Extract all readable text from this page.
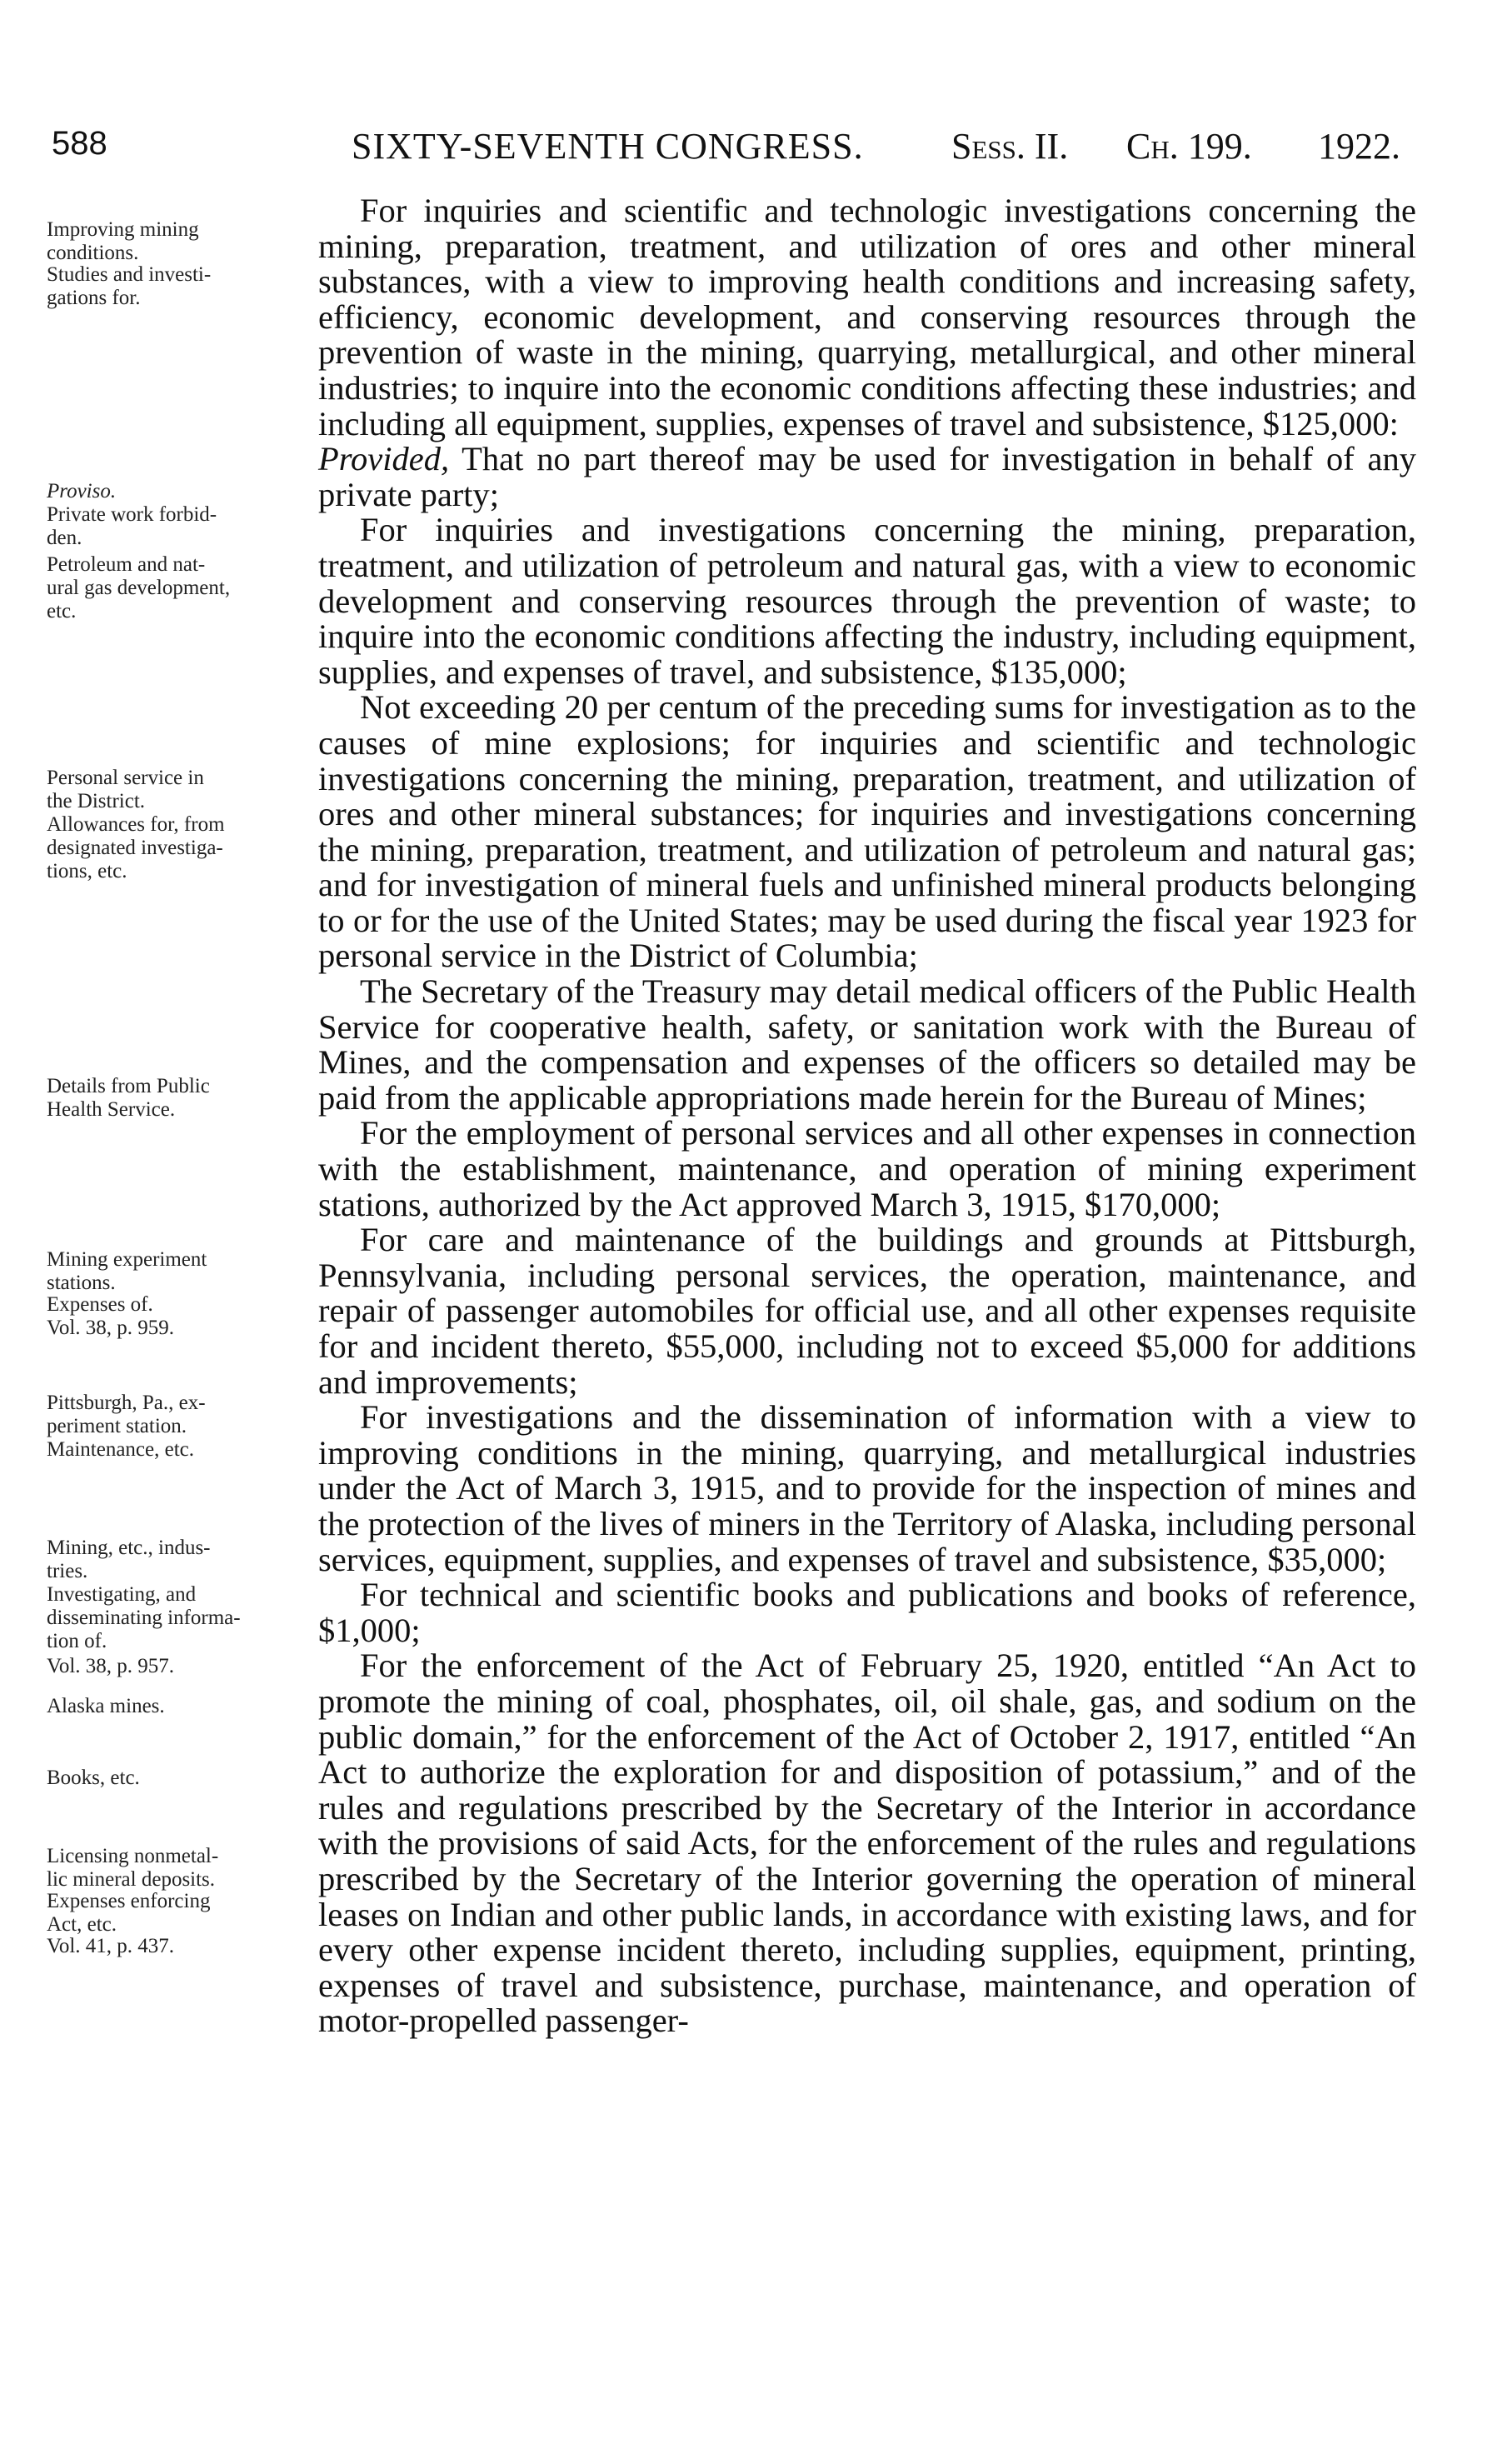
588	SIXTY-SEVENTH CONGRESS. Sess. II. Ch. 199. 1922.
Improving mining
conditions.
Studies and investi-
gations for.
Proviso.
Private work forbid-
den.
Petroleum and nat-
ural gas development,
etc.
Personal service in
the District.
Allowances for, from
designated investiga-
tions, etc.
Details from Public
Health Service.
Mining experiment
stations.
Expenses of.
Vol. 38, p. 959.
Pittsburgh, Pa., ex-
periment station.
Maintenance, etc.
Mining, etc., indus-
tries.
Investigating, and
disseminating informa-
tion of.
Vol. 38, p. 957.
Alaska mines.
Books, etc.
Licensing nonmetal-
lic mineral deposits.
Expenses enforcing
Act, etc.
Vol. 41, p. 437.

For inquiries and scientific and technologic investigations concerning the mining, preparation, treatment, and utilization of ores and other mineral substances, with a view to improving health conditions and increasing safety, efficiency, economic development, and conserving resources through the prevention of waste in the mining, quarrying, metallurgical, and other mineral industries; to inquire into the economic conditions affecting these industries; and including all equipment, supplies, expenses of travel and subsistence, $125,000:

Provided, That no part thereof may be used for investigation in behalf of any private party;

For inquiries and investigations concerning the mining, preparation, treatment, and utilization of petroleum and natural gas, with a view to economic development and conserving resources through the prevention of waste; to inquire into the economic conditions affecting the industry, including equipment, supplies, and expenses of travel, and subsistence, $135,000;

Not exceeding 20 per centum of the preceding sums for investigation as to the causes of mine explosions; for inquiries and scientific and technologic investigations concerning the mining, preparation, treatment, and utilization of ores and other mineral substances; for inquiries and investigations concerning the mining, preparation, treatment, and utilization of petroleum and natural gas; and for investigation of mineral fuels and unfinished mineral products belonging to or for the use of the United States; may be used during the fiscal year 1923 for personal service in the District of Columbia;

The Secretary of the Treasury may detail medical officers of the Public Health Service for cooperative health, safety, or sanitation work with the Bureau of Mines, and the compensation and expenses of the officers so detailed may be paid from the applicable appropriations made herein for the Bureau of Mines;

For the employment of personal services and all other expenses in connection with the establishment, maintenance, and operation of mining experiment stations, authorized by the Act approved March 3, 1915, $170,000;

For care and maintenance of the buildings and grounds at Pittsburgh, Pennsylvania, including personal services, the operation, maintenance, and repair of passenger automobiles for official use, and all other expenses requisite for and incident thereto, $55,000, including not to exceed $5,000 for additions and improvements;

For investigations and the dissemination of information with a view to improving conditions in the mining, quarrying, and metallurgical industries under the Act of March 3, 1915, and to provide for the inspection of mines and the protection of the lives of miners in the Territory of Alaska, including personal services, equipment, supplies, and expenses of travel and subsistence, $35,000;

For technical and scientific books and publications and books of reference, $1,000;

For the enforcement of the Act of February 25, 1920, entitled “An Act to promote the mining of coal, phosphates, oil, oil shale, gas, and sodium on the public domain,” for the enforcement of the Act of October 2, 1917, entitled “An Act to authorize the exploration for and disposition of potassium,” and of the rules and regulations prescribed by the Secretary of the Interior in accordance with the provisions of said Acts, for the enforcement of the rules and regulations prescribed by the Secretary of the Interior governing the operation of mineral leases on Indian and other public lands, in accordance with existing laws, and for every other expense incident thereto, including supplies, equipment, printing, expenses of travel and subsistence, purchase, maintenance, and operation of motor-propelled passenger-
